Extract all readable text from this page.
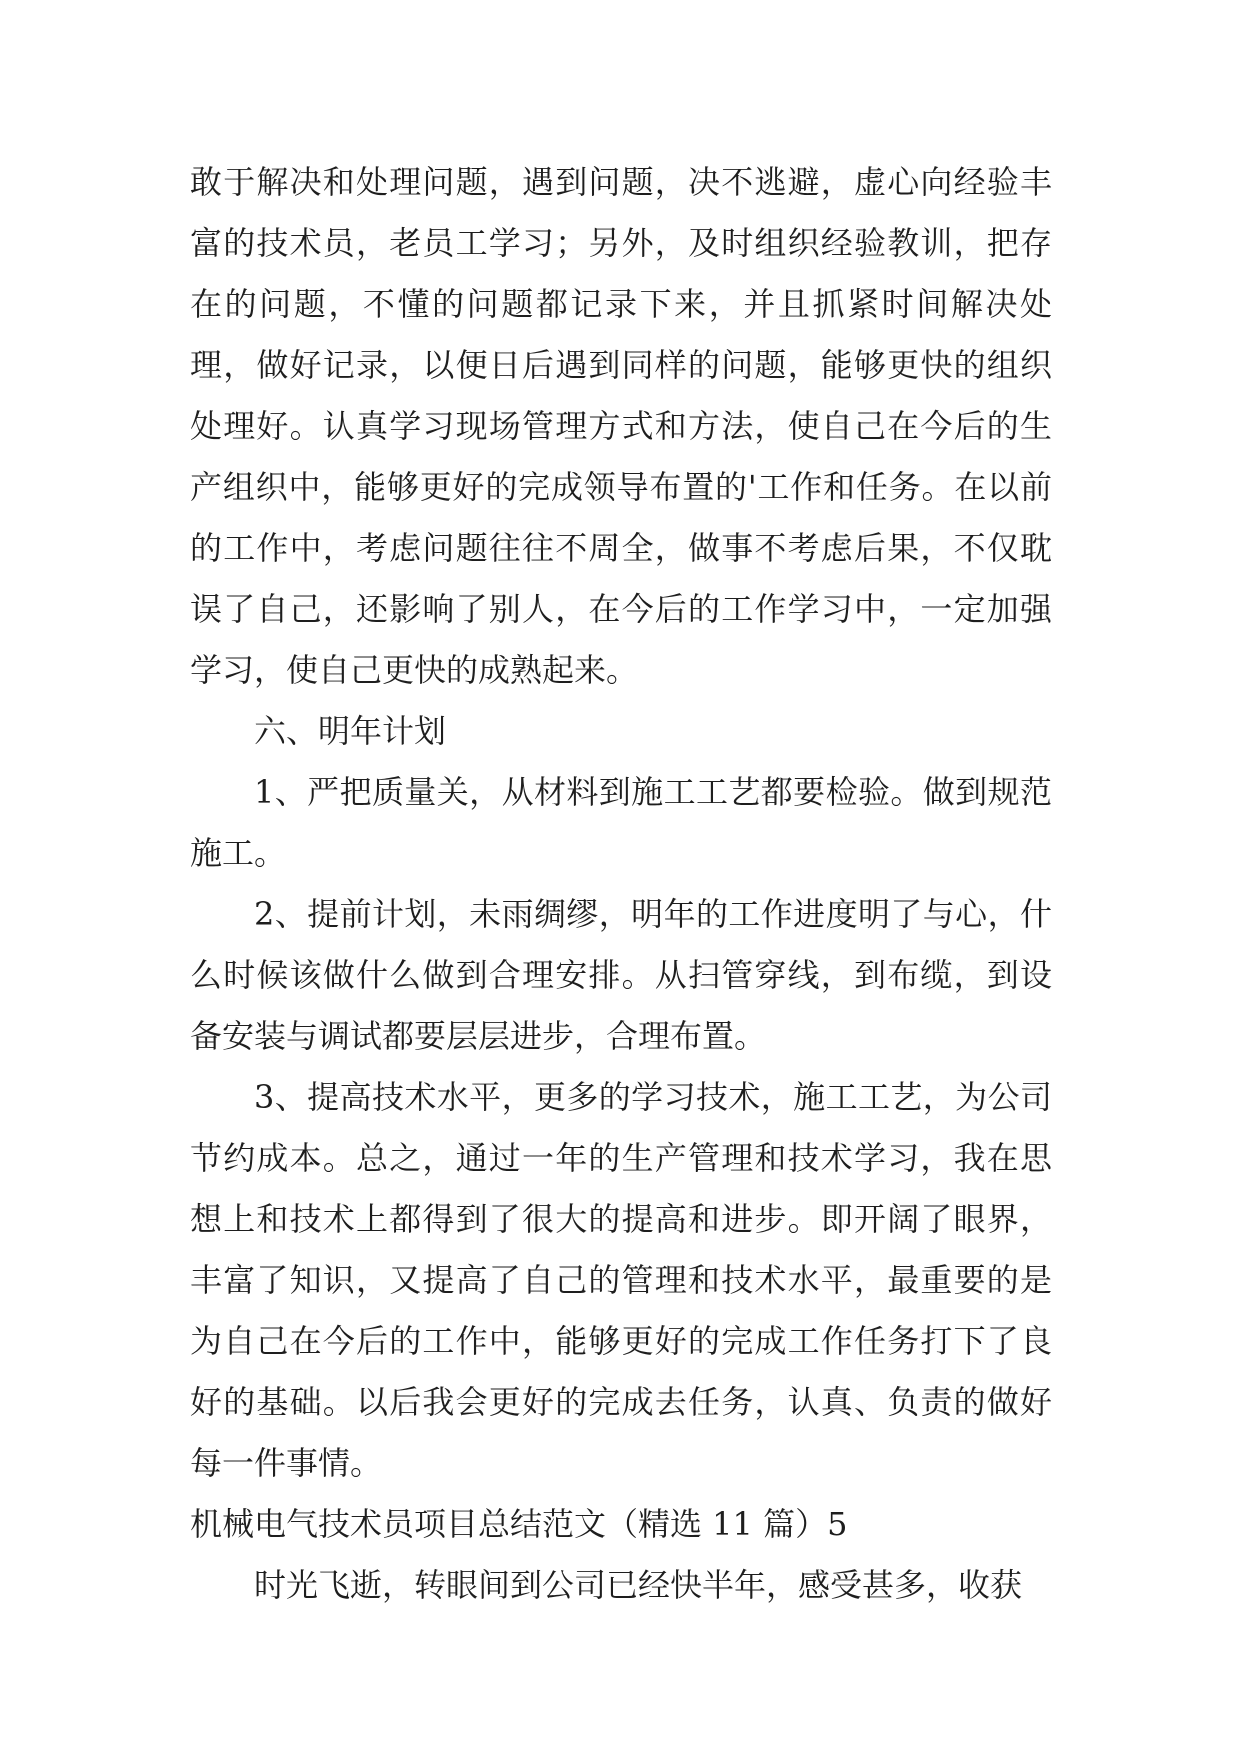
敢于解决和处理问题，遇到问题，决不逃避，虚心向经验丰富的技术员，老员工学习；另外，及时组织经验教训，把存在的问题，不懂的问题都记录下来，并且抓紧时间解决处理，做好记录，以便日后遇到同样的问题，能够更快的组织处理好。认真学习现场管理方式和方法，使自己在今后的生产组织中，能够更好的完成领导布置的'工作和任务。在以前的工作中，考虑问题往往不周全，做事不考虑后果，不仅耽误了自己，还影响了别人，在今后的工作学习中，一定加强学习，使自己更快的成熟起来。

六、明年计划

1、严把质量关，从材料到施工工艺都要检验。做到规范施工。

2、提前计划，未雨绸缪，明年的工作进度明了与心，什么时候该做什么做到合理安排。从扫管穿线，到布缆，到设备安装与调试都要层层进步，合理布置。

3、提高技术水平，更多的学习技术，施工工艺，为公司节约成本。总之，通过一年的生产管理和技术学习，我在思想上和技术上都得到了很大的提高和进步。即开阔了眼界，丰富了知识，又提高了自己的管理和技术水平，最重要的是为自己在今后的工作中，能够更好的完成工作任务打下了良好的基础。以后我会更好的完成去任务，认真、负责的做好每一件事情。

机械电气技术员项目总结范文（精选 11 篇）5

时光飞逝，转眼间到公司已经快半年，感受甚多，收获
